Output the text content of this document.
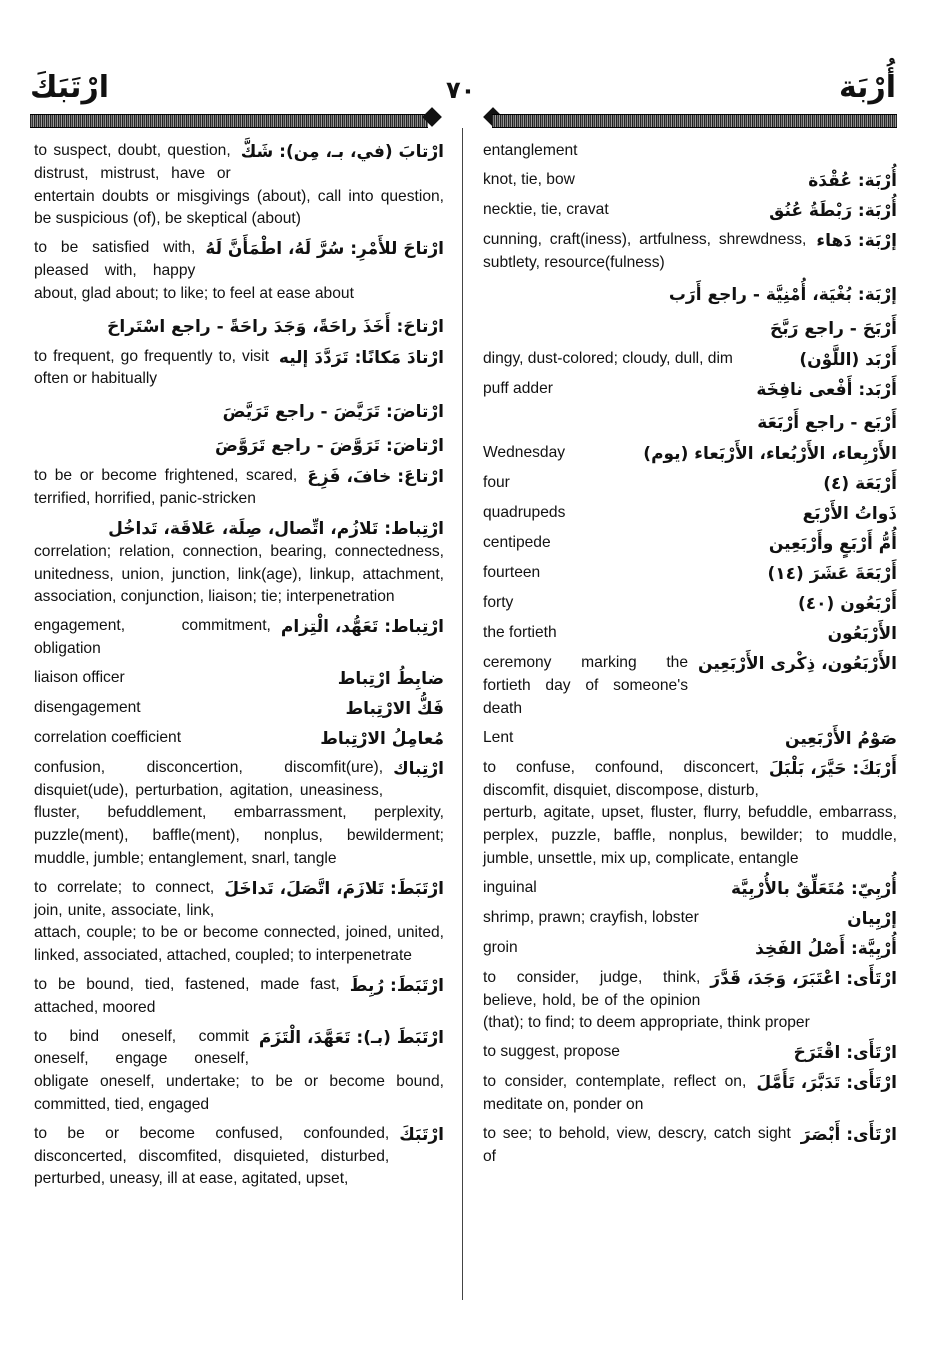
ارْتَبَكَ	٧٠	أُرْبَة
ارْتابَ (في، بـ، مِن): شَكَّ
to suspect, doubt, question, distrust, mistrust, have or entertain doubts or misgivings (about), call into question, be suspicious (of), be skeptical (about)
ارْتاحَ للأَمْرِ: سُرَّ لَهُ، اطْمَأَنَّ لَهُ
to be satisfied with, pleased with, happy about, glad about; to like; to feel at ease about
ارْتاحَ: أَخَذَ راحَةً، وَجَدَ راحَةً - راجع اسْتَراحَ
ارْتادَ مَكانًا: تَرَدَّدَ إليه
to frequent, go frequently to, visit often or habitually
ارْتاضَ: تَرَيَّضَ - راجع تَرَيَّضَ
ارْتاضَ: تَرَوَّضَ - راجع تَرَوَّضَ
ارْتاعَ: خافَ، فَزِعَ
to be or become frightened, scared, terrified, horrified, panic-stricken
ارْتِباط: تَلازُم، اتِّصال، صِلَة، عَلاقَة، تَداخُل
correlation; relation, connection, bearing, connectedness, unitedness, union, junction, link(age), linkup, attachment, association, conjunction, liaison; tie; interpenetration
ارْتِباط: تَعَهُّد، الْتِزام
engagement, commitment, obligation
ضابِطُ ارْتِباط
liaison officer
فَكُّ الارْتِباط
disengagement
مُعامِلُ الارْتِباط
correlation coefficient
ارْتِباك
confusion, disconcertion, discomfit(ure), disquiet(ude), perturbation, agitation, uneasiness, fluster, befuddlement, embarrassment, perplexity, puzzle(ment), baffle(ment), nonplus, bewilderment; muddle, jumble; entanglement, snarl, tangle
ارْتَبَطَ: تَلازَمَ، اتَّصَلَ، تَداخَلَ
to correlate; to connect, join, unite, associate, link, attach, couple; to be or become connected, joined, united, linked, associated, attached, coupled; to interpenetrate
ارْتَبَطَ: رُبِطَ
to be bound, tied, fastened, made fast, attached, moored
ارْتَبَطَ (بـ): تَعَهَّدَ، الْتَزَمَ
to bind oneself, commit oneself, engage oneself, obligate oneself, undertake; to be or become bound, committed, tied, engaged
ارْتَبَكَ
to be or become confused, confounded, disconcerted, discomfited, disquieted, disturbed, perturbed, uneasy, ill at ease, agitated, upset,
entanglement
أُرْبَة: عُقْدَة
knot, tie, bow
أُرْبَة: رَبْطَةُ عُنُق
necktie, tie, cravat
إرْبَة: دَهاء
cunning, craft(iness), artfulness, shrewdness, subtlety, resource(fulness)
إرْبَة: بُغْيَة، أُمْنِيَّة - راجع أَرَب
أَرْبَحَ - راجع رَبَّحَ
أَرْبَد (اللَّوْن)
dingy, dust-colored; cloudy, dull, dim
أَرْبَد: أَفْعى نافِخَة
puff adder
أَرْبَع - راجع أَرْبَعَة
الأَرْبِعاء، الأَرْبُعاء، الأَرْبَعاء (يوم)
Wednesday
أَرْبَعَة (٤)
four
ذَواتُ الأَرْبَع
quadrupeds
أُمُّ أَرْبَعٍ وأَرْبَعِين
centipede
أَرْبَعَةَ عَشَرَ (١٤)
fourteen
أَرْبَعُون (٤٠)
forty
الأَرْبَعُون
the fortieth
الأَرْبَعُون، ذِكْرى الأَرْبَعِين
ceremony marking the fortieth day of someone's death
صَوْمُ الأَرْبَعِين
Lent
أَرْبَكَ: حَيَّرَ، بَلْبَلَ
to confuse, confound, disconcert, discomfit, disquiet, discompose, disturb, perturb, agitate, upset, fluster, flurry, befuddle, embarrass, perplex, puzzle, baffle, nonplus, bewilder; to muddle, jumble, unsettle, mix up, complicate, entangle
أُرْبِيّ: مُتَعَلِّقٌ بالأُرْبِيَّة
inguinal
إرْبِيان
shrimp, prawn; crayfish, lobster
أُرْبِيَّة: أَصْلُ الفَخِذ
groin
ارْتَأَى: اعْتَبَرَ، وَجَدَ، قَدَّرَ
to consider, judge, think, believe, hold, be of the opinion (that); to find; to deem appropriate, think proper
ارْتَأَى: اقْتَرَحَ
to suggest, propose
ارْتَأَى: تَدَبَّرَ، تَأَمَّلَ
to consider, contemplate, reflect on, meditate on, ponder on
ارْتَأَى: أَبْصَرَ
to see; to behold, view, descry, catch sight of
